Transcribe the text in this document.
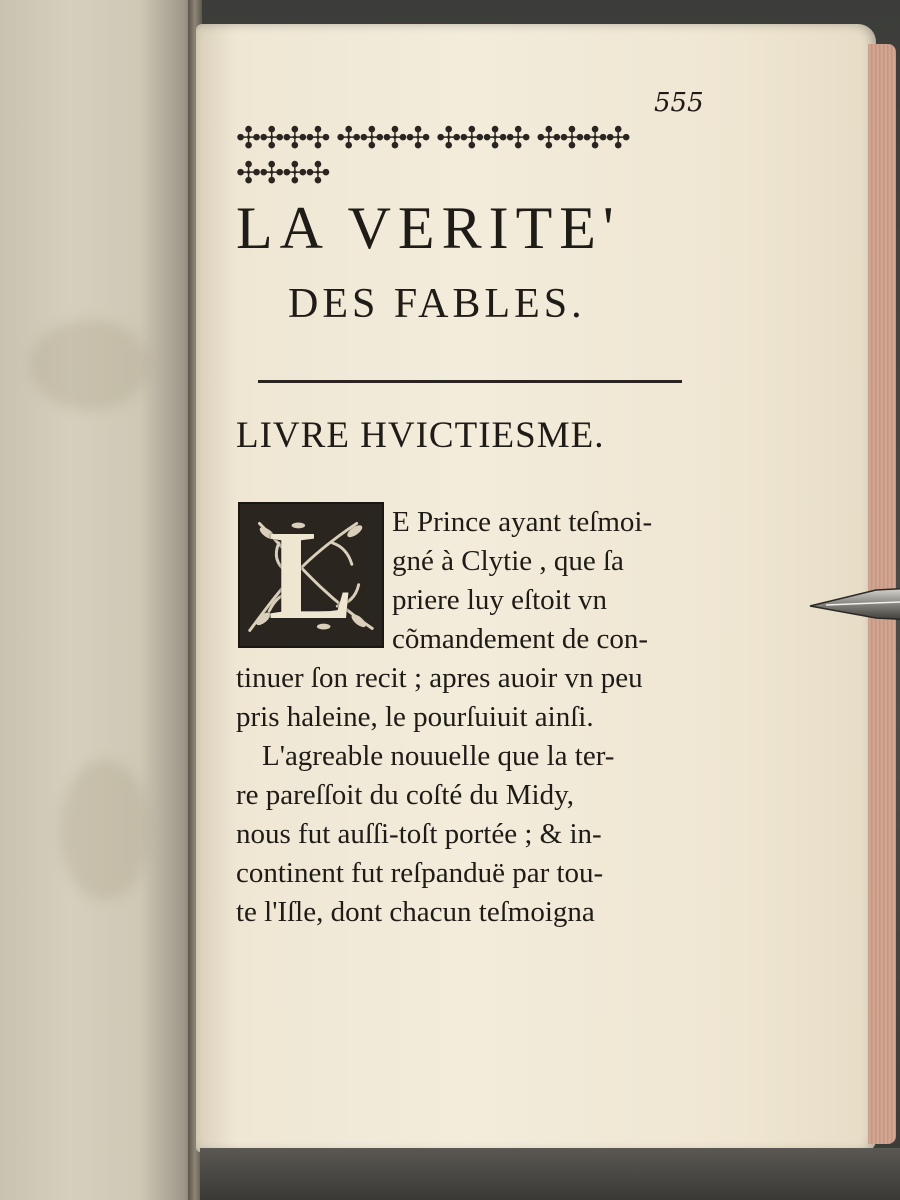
555
✣✣✣✣ ✣✣✣✣ ✣✣✣✣ ✣✣✣✣ ✣✣✣✣
LA VERITE'
DES FABLES.
LIVRE HVICTIESME.
L	E Prince ayant teſmoi-
gné à Clytie , que ſa
priere luy eſtoit vn
cõmandement de con-
tinuer ſon recit ; apres auoir vn peu
pris haleine, le pourſuiuit ainſi.
L'agreable nouuelle que la ter-
re pareſſoit du coſté du Midy,
nous fut auſſi-toſt portée ; & in-
continent fut reſpanduë par tou-
te l'Iſle, dont chacun teſmoigna
